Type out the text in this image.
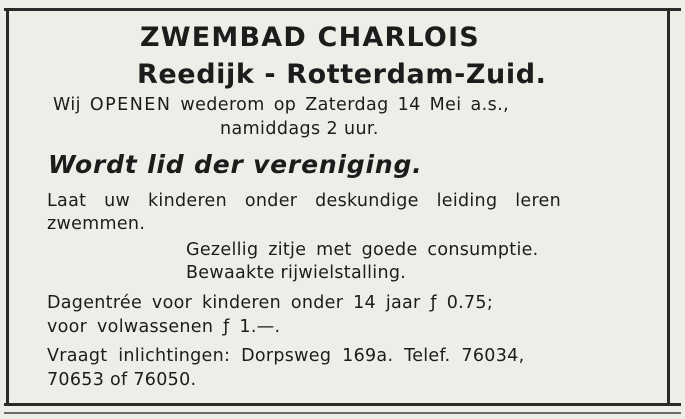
ZWEMBAD CHARLOIS
Reedijk - Rotterdam-Zuid.
Wij OPENEN wederom op Zaterdag 14 Mei a.s.,
namiddags 2 uur.
Wordt lid der vereniging.
Laat uw kinderen onder deskundige leiding leren
zwemmen.
Gezellig zitje met goede consumptie.
Bewaakte rijwielstalling.
Dagentrée voor kinderen onder 14 jaar ƒ 0.75;
voor volwassenen ƒ 1.—.
Vraagt inlichtingen: Dorpsweg 169a. Telef. 76034,
70653 of 76050.
